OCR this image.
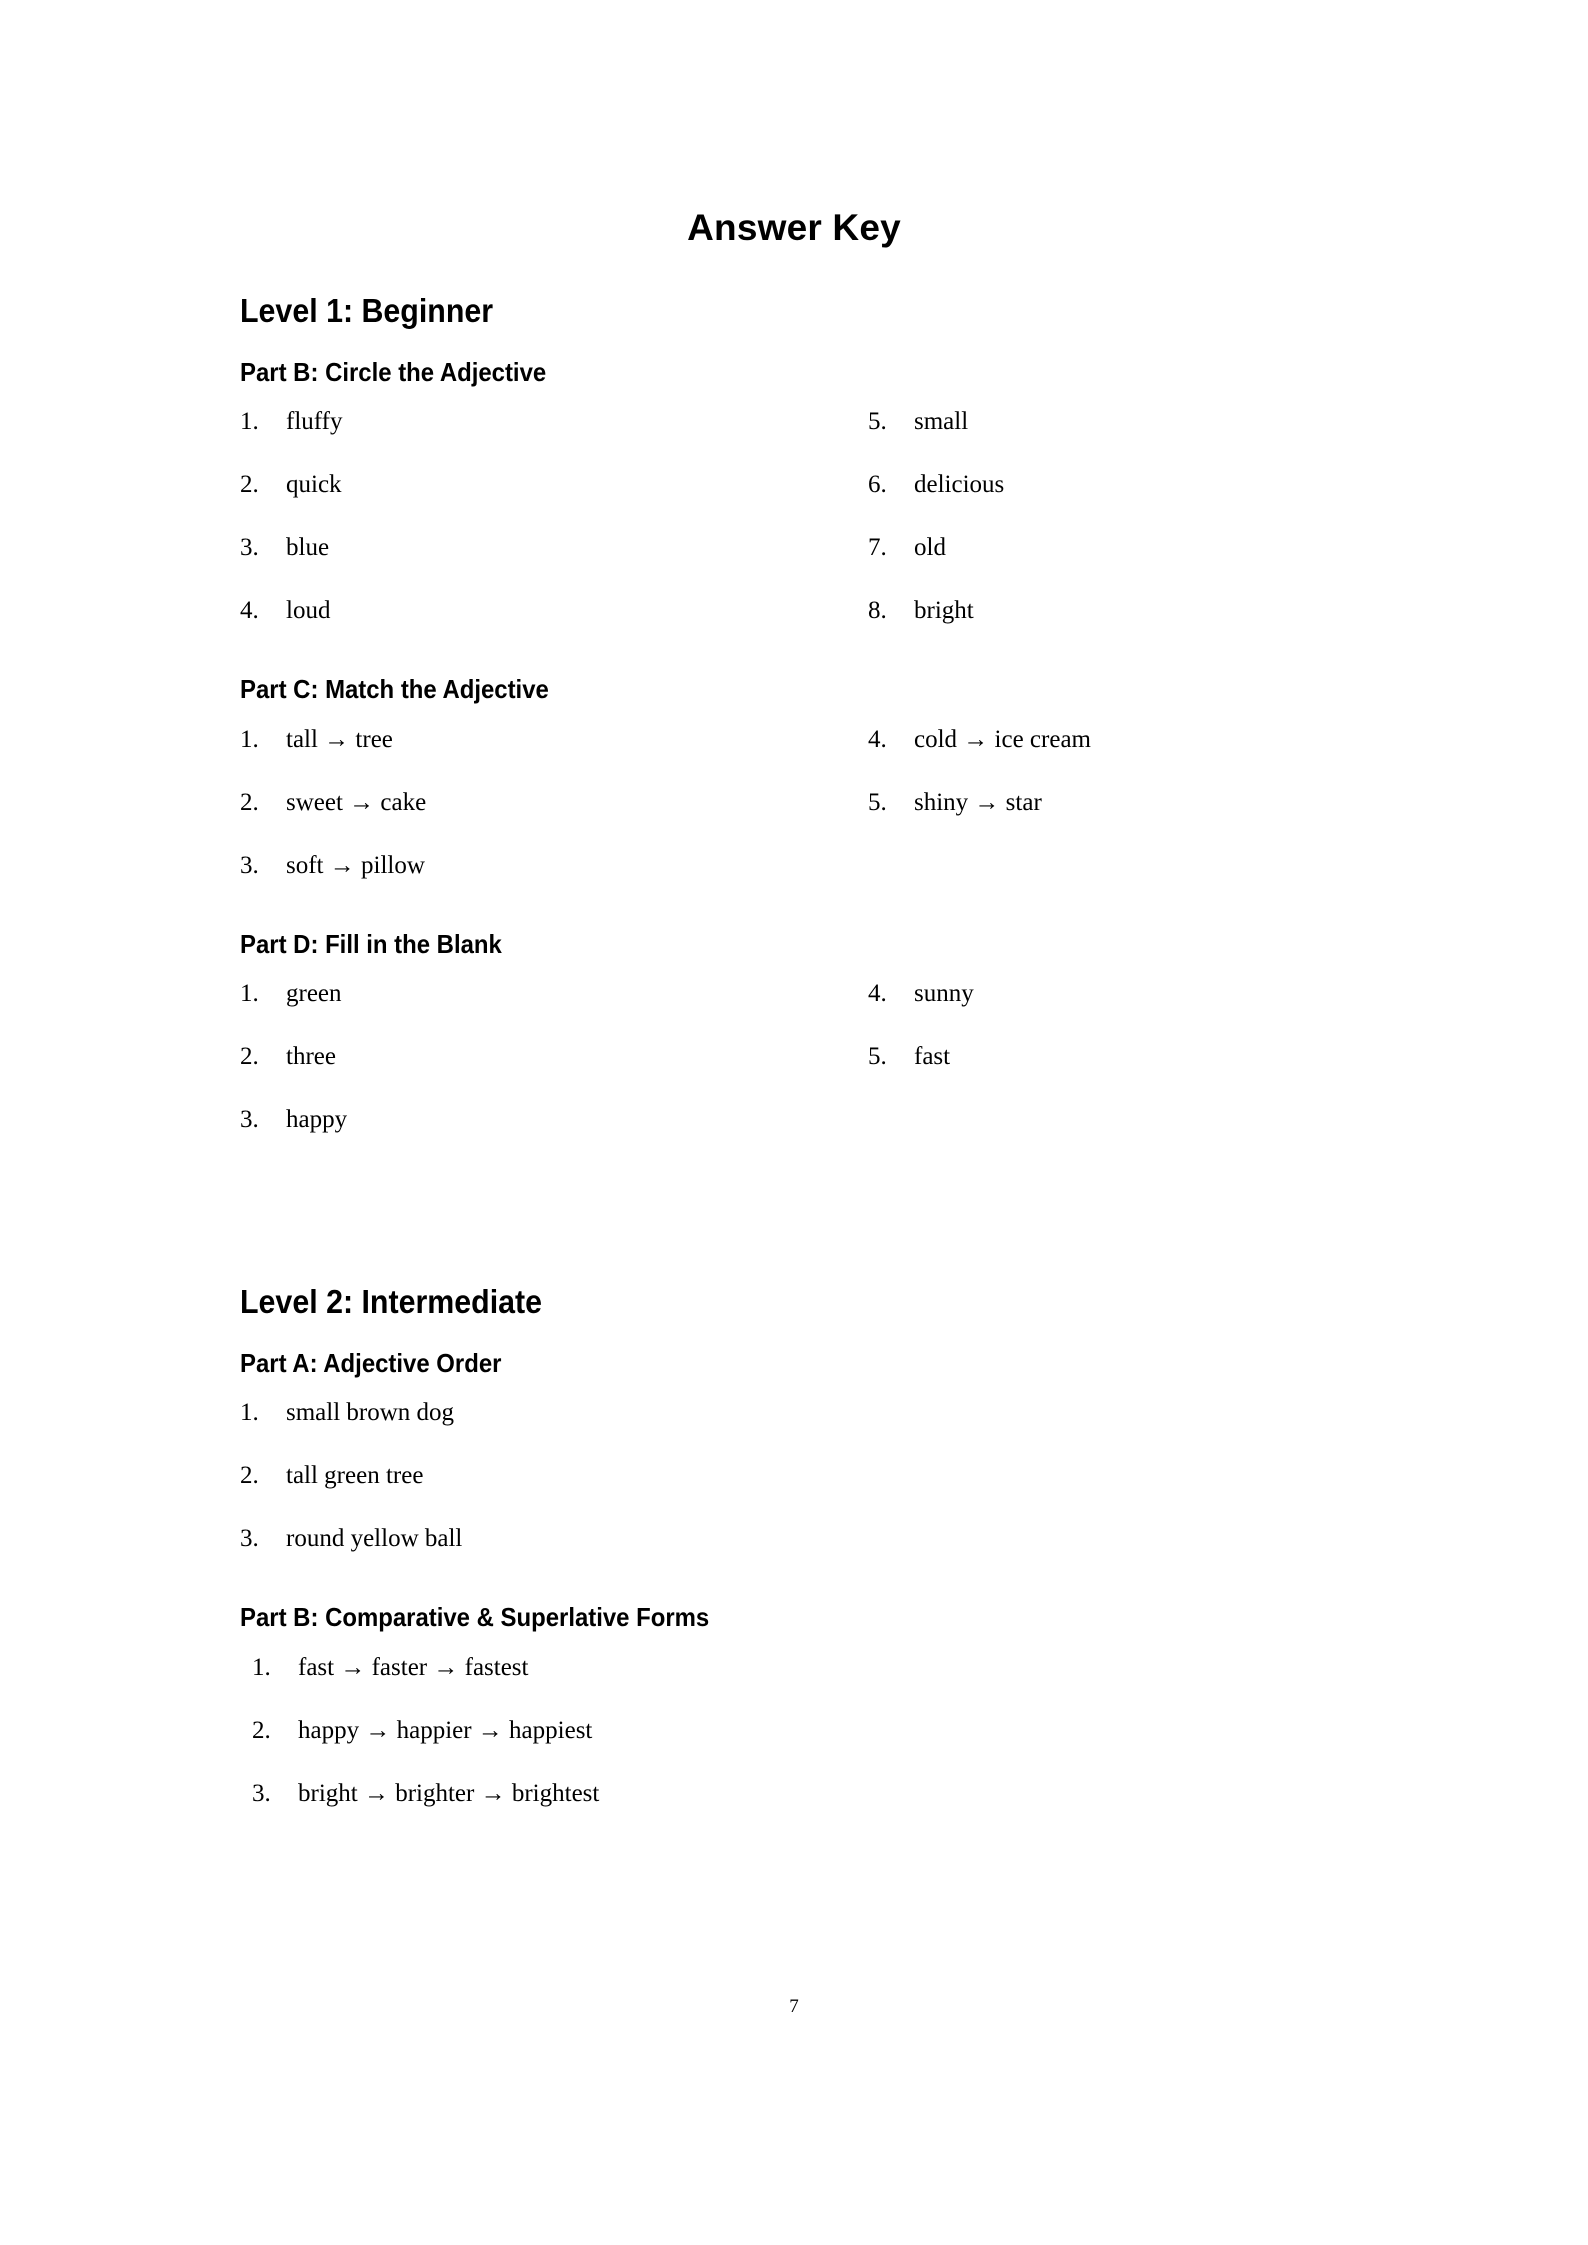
Answer Key
Level 1: Beginner
Part B: Circle the Adjective
1.	fluffy
2.	quick
3.	blue
4.	loud
5.	small
6.	delicious
7.	old
8.	bright
Part C: Match the Adjective
1.	tall → tree
2.	sweet → cake
3.	soft → pillow
4.	cold → ice cream
5.	shiny → star
Part D: Fill in the Blank
1.	green
2.	three
3.	happy
4.	sunny
5.	fast
Level 2: Intermediate
Part A: Adjective Order
1.	small brown dog
2.	tall green tree
3.	round yellow ball
Part B: Comparative & Superlative Forms
1.	fast → faster → fastest
2.	happy → happier → happiest
3.	bright → brighter → brightest
7
